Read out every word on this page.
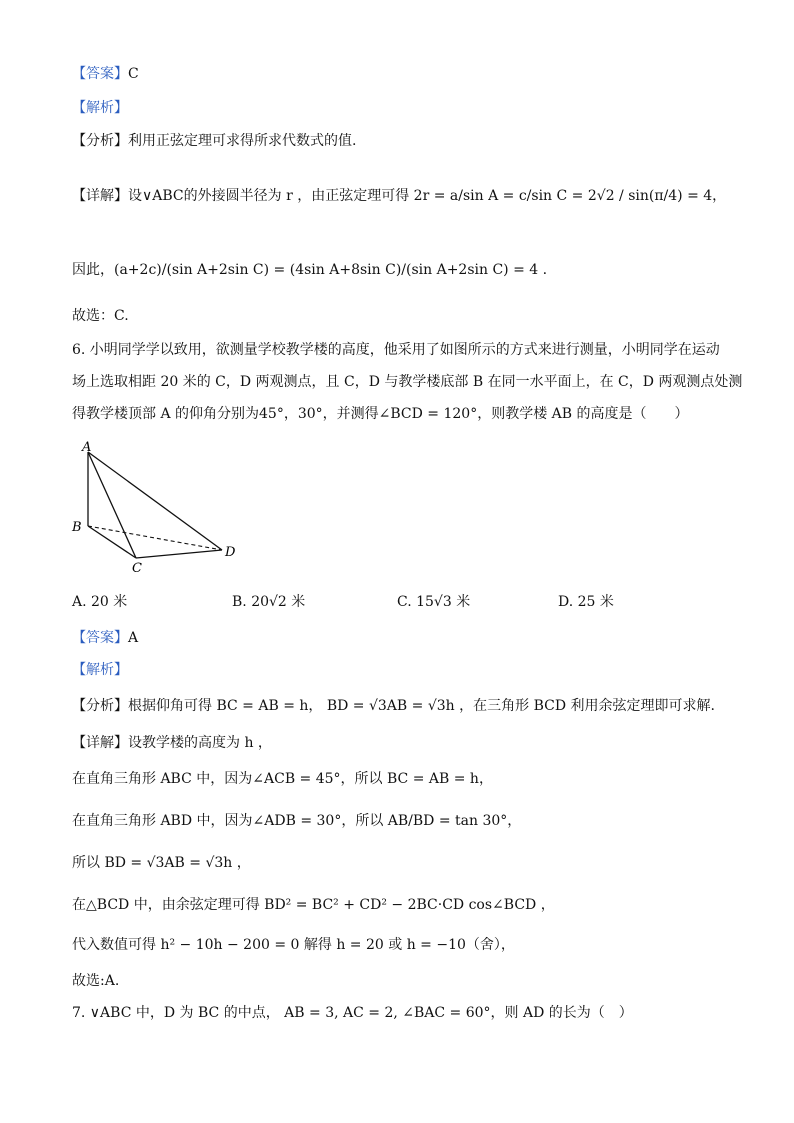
【答案】C
【解析】
【分析】利用正弦定理可求得所求代数式的值.
【详解】设∨ABC的外接圆半径为 r ，由正弦定理可得 2r = a/sin A = c/sin C = 2√2 / sin(π/4) = 4，
因此，(a+2c)/(sin A+2sin C) = (4sin A+8sin C)/(sin A+2sin C) = 4 .
故选：C.
6. 小明同学学以致用，欲测量学校教学楼的高度，他采用了如图所示的方式来进行测量，小明同学在运动
场上选取相距 20 米的 C，D 两观测点，且 C，D 与教学楼底部 B 在同一水平面上，在 C，D 两观测点处测
得教学楼顶部 A 的仰角分别为45°，30°，并测得∠BCD = 120°，则教学楼 AB 的高度是（　　）
A
B
C
D
A. 20 米	B. 20√2 米	C. 15√3 米	D. 25 米
【答案】A
【解析】
【分析】根据仰角可得 BC = AB = h， BD = √3AB = √3h ，在三角形 BCD 利用余弦定理即可求解.
【详解】设教学楼的高度为 h ，
在直角三角形 ABC 中，因为∠ACB = 45°，所以 BC = AB = h，
在直角三角形 ABD 中，因为∠ADB = 30°，所以 AB/BD = tan 30°，
所以 BD = √3AB = √3h ，
在△BCD 中，由余弦定理可得 BD² = BC² + CD² − 2BC·CD cos∠BCD ，
代入数值可得 h² − 10h − 200 = 0 解得 h = 20 或 h = −10（舍），
故选:A.
7. ∨ABC 中，D 为 BC 的中点， AB = 3, AC = 2, ∠BAC = 60°，则 AD 的长为（　）
